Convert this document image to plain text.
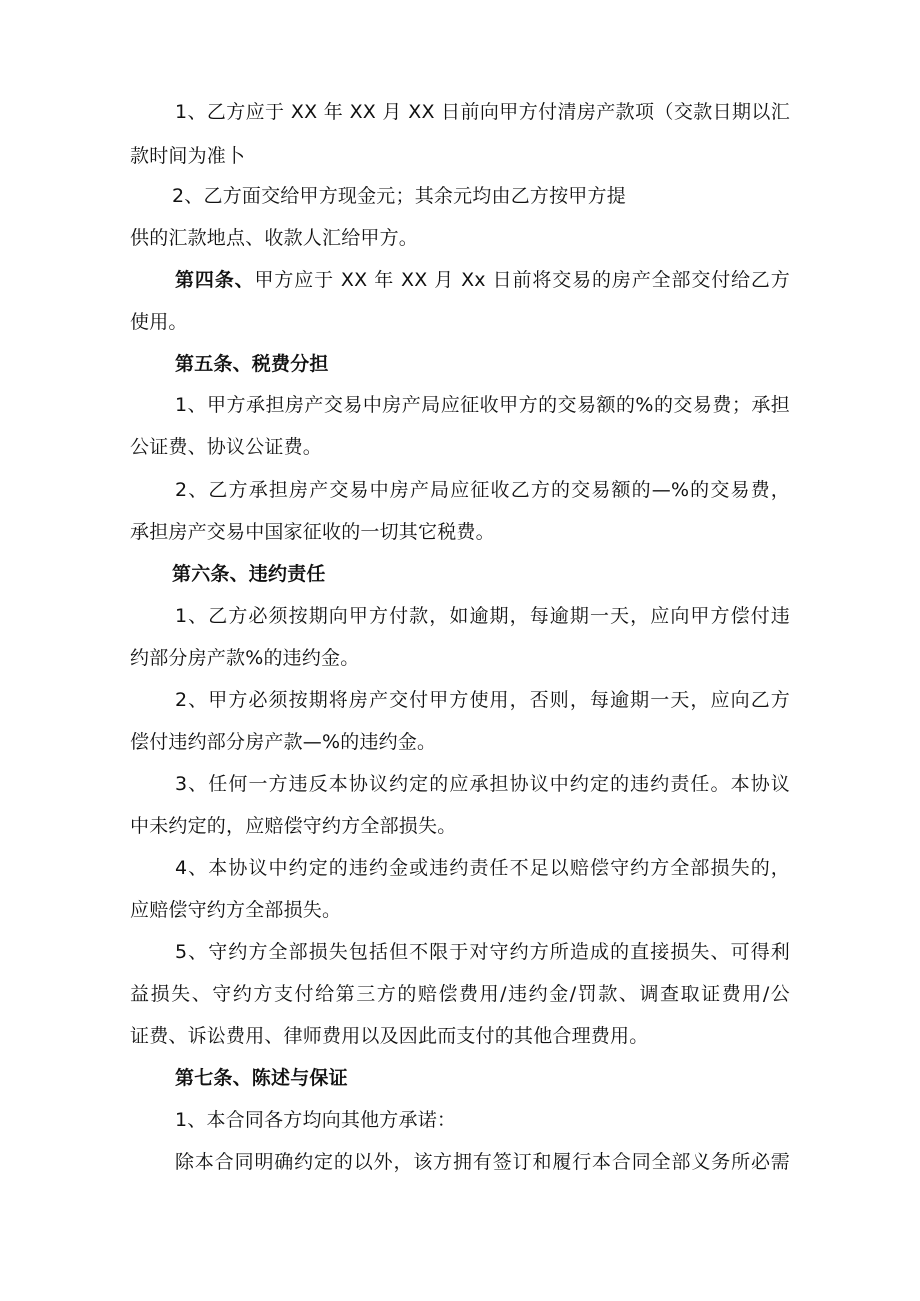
1、乙方应于 XX 年 XX 月 XX 日前向甲方付清房产款项（交款日期以汇
款时间为准卜
2、乙方面交给甲方现金元；其余元均由乙方按甲方提
供的汇款地点、收款人汇给甲方。
第四条、甲方应于 XX 年 XX 月 Xx 日前将交易的房产全部交付给乙方
使用。
第五条、税费分担
1、甲方承担房产交易中房产局应征收甲方的交易额的%的交易费；承担
公证费、协议公证费。
2、乙方承担房产交易中房产局应征收乙方的交易额的—%的交易费，
承担房产交易中国家征收的一切其它税费。
第六条、违约责任
1、乙方必须按期向甲方付款，如逾期，每逾期一天，应向甲方偿付违
约部分房产款%的违约金。
2、甲方必须按期将房产交付甲方使用，否则，每逾期一天，应向乙方
偿付违约部分房产款—%的违约金。
3、任何一方违反本协议约定的应承担协议中约定的违约责任。本协议
中未约定的，应赔偿守约方全部损失。
4、本协议中约定的违约金或违约责任不足以赔偿守约方全部损失的，
应赔偿守约方全部损失。
5、守约方全部损失包括但不限于对守约方所造成的直接损失、可得利
益损失、守约方支付给第三方的赔偿费用/违约金/罚款、调查取证费用/公
证费、诉讼费用、律师费用以及因此而支付的其他合理费用。
第七条、陈述与保证
1、本合同各方均向其他方承诺：
除本合同明确约定的以外，该方拥有签订和履行本合同全部义务所必需
